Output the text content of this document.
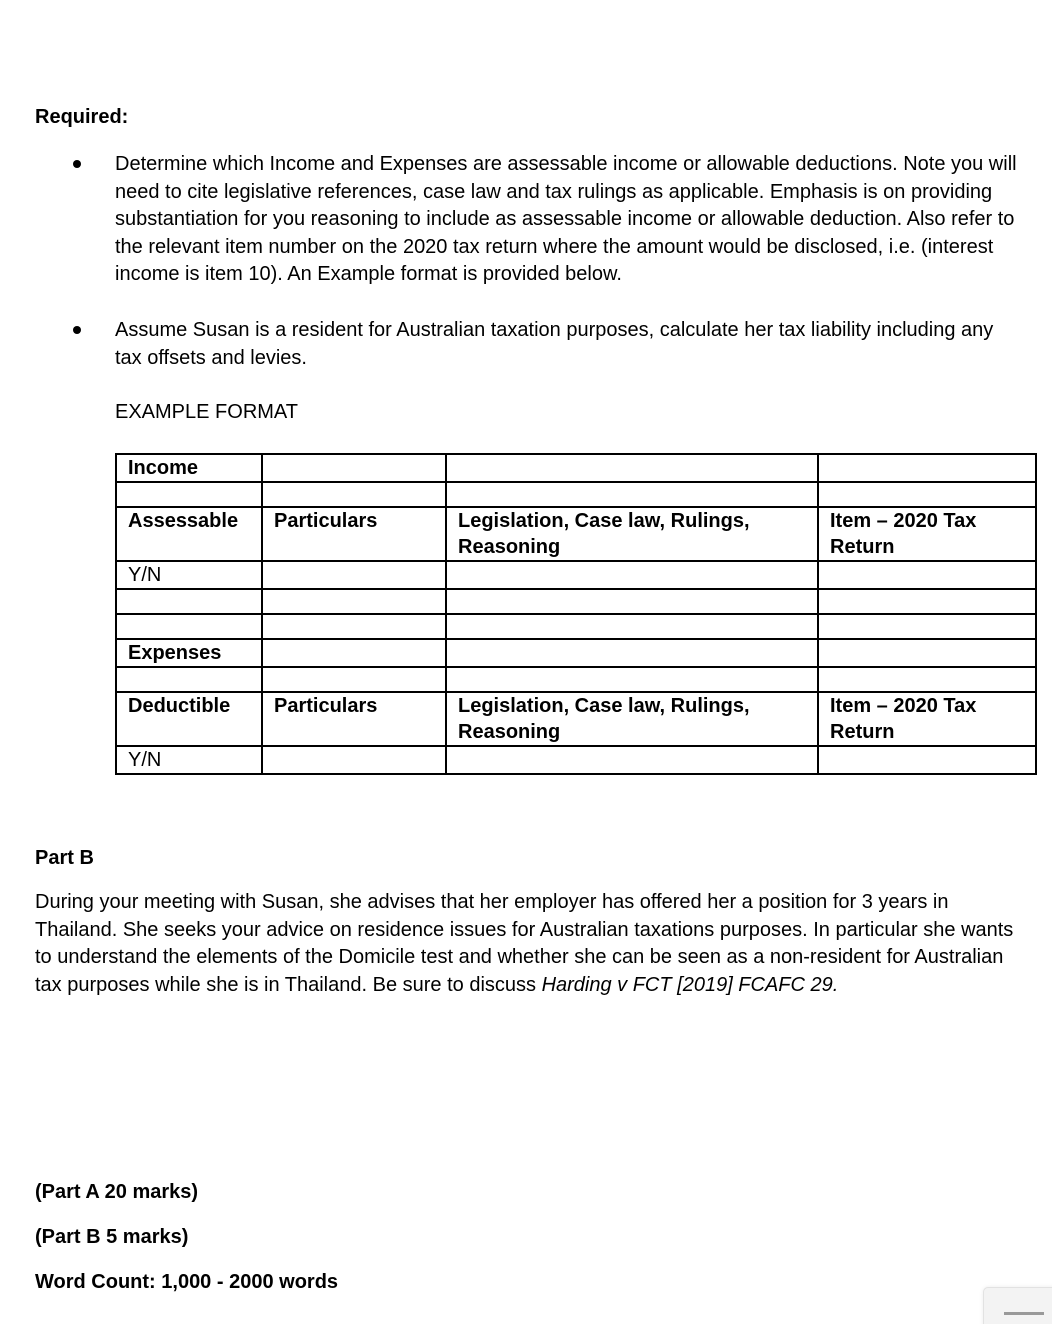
Required:
Determine which Income and Expenses are assessable income or allowable deductions. Note you will need to cite legislative references, case law and tax rulings as applicable. Emphasis is on providing substantiation for you reasoning to include as assessable income or allowable deduction. Also refer to the relevant item number on the 2020 tax return where the amount would be disclosed, i.e. (interest income is item 10). An Example format is provided below.
Assume Susan is a resident for Australian taxation purposes, calculate her tax liability including any tax offsets and levies.
EXAMPLE FORMAT
Income			

Assessable	Particulars	Legislation, Case law, Rulings, Reasoning	Item – 2020 Tax Return
Y/N			

Expenses			

Deductible	Particulars	Legislation, Case law, Rulings, Reasoning	Item – 2020 Tax Return
Y/N			
Part B
During your meeting with Susan, she advises that her employer has offered her a position for 3 years in Thailand. She seeks your advice on residence issues for Australian taxations purposes. In particular she wants to understand the elements of the Domicile test and whether she can be seen as a non-resident for Australian tax purposes while she is in Thailand. Be sure to discuss Harding v FCT [2019] FCAFC 29.
(Part A 20 marks)
(Part B 5 marks)
Word Count: 1,000 - 2000 words
